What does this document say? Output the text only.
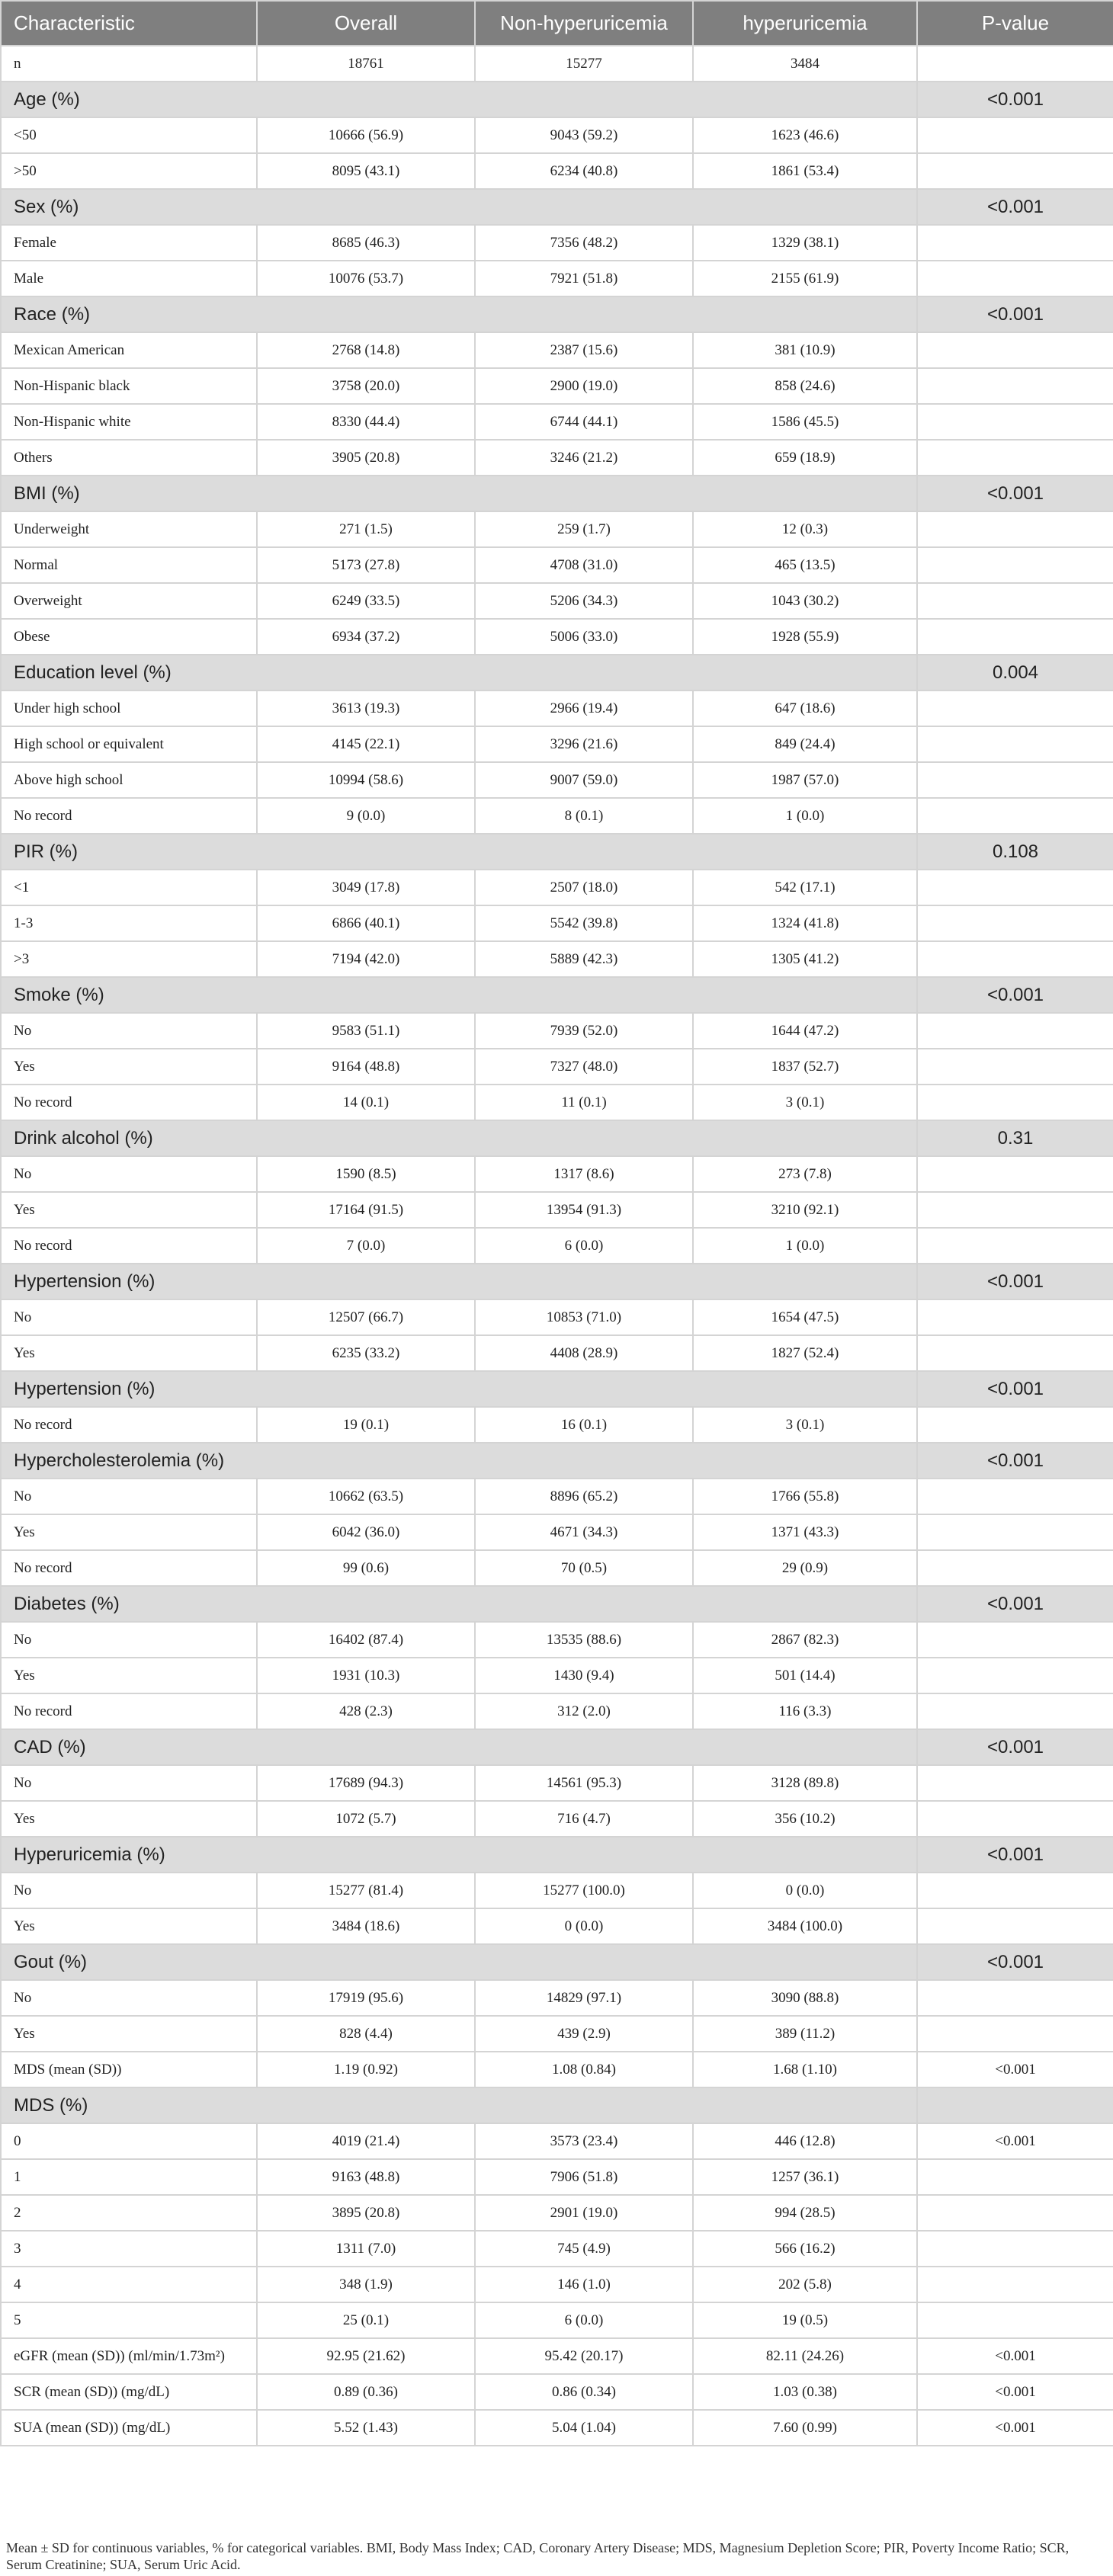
Characteristic	Overall	Non-hyperuricemia	hyperuricemia	P-value
n	18761	15277	3484	
Age (%)				<0.001
<50	10666 (56.9)	9043 (59.2)	1623 (46.6)	
>50	8095 (43.1)	6234 (40.8)	1861 (53.4)	
Sex (%)				<0.001
Female	8685 (46.3)	7356 (48.2)	1329 (38.1)	
Male	10076 (53.7)	7921 (51.8)	2155 (61.9)	
Race (%)				<0.001
Mexican American	2768 (14.8)	2387 (15.6)	381 (10.9)	
Non-Hispanic black	3758 (20.0)	2900 (19.0)	858 (24.6)	
Non-Hispanic white	8330 (44.4)	6744 (44.1)	1586 (45.5)	
Others	3905 (20.8)	3246 (21.2)	659 (18.9)	
BMI (%)				<0.001
Underweight	271 (1.5)	259 (1.7)	12 (0.3)	
Normal	5173 (27.8)	4708 (31.0)	465 (13.5)	
Overweight	6249 (33.5)	5206 (34.3)	1043 (30.2)	
Obese	6934 (37.2)	5006 (33.0)	1928 (55.9)	
Education level (%)				0.004
Under high school	3613 (19.3)	2966 (19.4)	647 (18.6)	
High school or equivalent	4145 (22.1)	3296 (21.6)	849 (24.4)	
Above high school	10994 (58.6)	9007 (59.0)	1987 (57.0)	
No record	9 (0.0)	8 (0.1)	1 (0.0)	
PIR (%)				0.108
<1	3049 (17.8)	2507 (18.0)	542 (17.1)	
1-3	6866 (40.1)	5542 (39.8)	1324 (41.8)	
>3	7194 (42.0)	5889 (42.3)	1305 (41.2)	
Smoke (%)				<0.001
No	9583 (51.1)	7939 (52.0)	1644 (47.2)	
Yes	9164 (48.8)	7327 (48.0)	1837 (52.7)	
No record	14 (0.1)	11 (0.1)	3 (0.1)	
Drink alcohol (%)				0.31
No	1590 (8.5)	1317 (8.6)	273 (7.8)	
Yes	17164 (91.5)	13954 (91.3)	3210 (92.1)	
No record	7 (0.0)	6 (0.0)	1 (0.0)	
Hypertension (%)				<0.001
No	12507 (66.7)	10853 (71.0)	1654 (47.5)	
Yes	6235 (33.2)	4408 (28.9)	1827 (52.4)	
Hypertension (%)				<0.001
No record	19 (0.1)	16 (0.1)	3 (0.1)	
Hypercholesterolemia (%)				<0.001
No	10662 (63.5)	8896 (65.2)	1766 (55.8)	
Yes	6042 (36.0)	4671 (34.3)	1371 (43.3)	
No record	99 (0.6)	70 (0.5)	29 (0.9)	
Diabetes (%)				<0.001
No	16402 (87.4)	13535 (88.6)	2867 (82.3)	
Yes	1931 (10.3)	1430 (9.4)	501 (14.4)	
No record	428 (2.3)	312 (2.0)	116 (3.3)	
CAD (%)				<0.001
No	17689 (94.3)	14561 (95.3)	3128 (89.8)	
Yes	1072 (5.7)	716 (4.7)	356 (10.2)	
Hyperuricemia (%)				<0.001
No	15277 (81.4)	15277 (100.0)	0 (0.0)	
Yes	3484 (18.6)	0 (0.0)	3484 (100.0)	
Gout (%)				<0.001
No	17919 (95.6)	14829 (97.1)	3090 (88.8)	
Yes	828 (4.4)	439 (2.9)	389 (11.2)	
MDS (mean (SD))	1.19 (0.92)	1.08 (0.84)	1.68 (1.10)	<0.001
MDS (%)				
0	4019 (21.4)	3573 (23.4)	446 (12.8)	<0.001
1	9163 (48.8)	7906 (51.8)	1257 (36.1)	
2	3895 (20.8)	2901 (19.0)	994 (28.5)	
3	1311 (7.0)	745 (4.9)	566 (16.2)	
4	348 (1.9)	146 (1.0)	202 (5.8)	
5	25 (0.1)	6 (0.0)	19 (0.5)	
eGFR (mean (SD)) (ml/min/1.73m²)	92.95 (21.62)	95.42 (20.17)	82.11 (24.26)	<0.001
SCR (mean (SD)) (mg/dL)	0.89 (0.36)	0.86 (0.34)	1.03 (0.38)	<0.001
SUA (mean (SD)) (mg/dL)	5.52 (1.43)	5.04 (1.04)	7.60 (0.99)	<0.001
Mean ± SD for continuous variables, % for categorical variables. BMI, Body Mass Index; CAD, Coronary Artery Disease; MDS, Magnesium Depletion Score; PIR, Poverty Income Ratio; SCR, Serum Creatinine; SUA, Serum Uric Acid.
